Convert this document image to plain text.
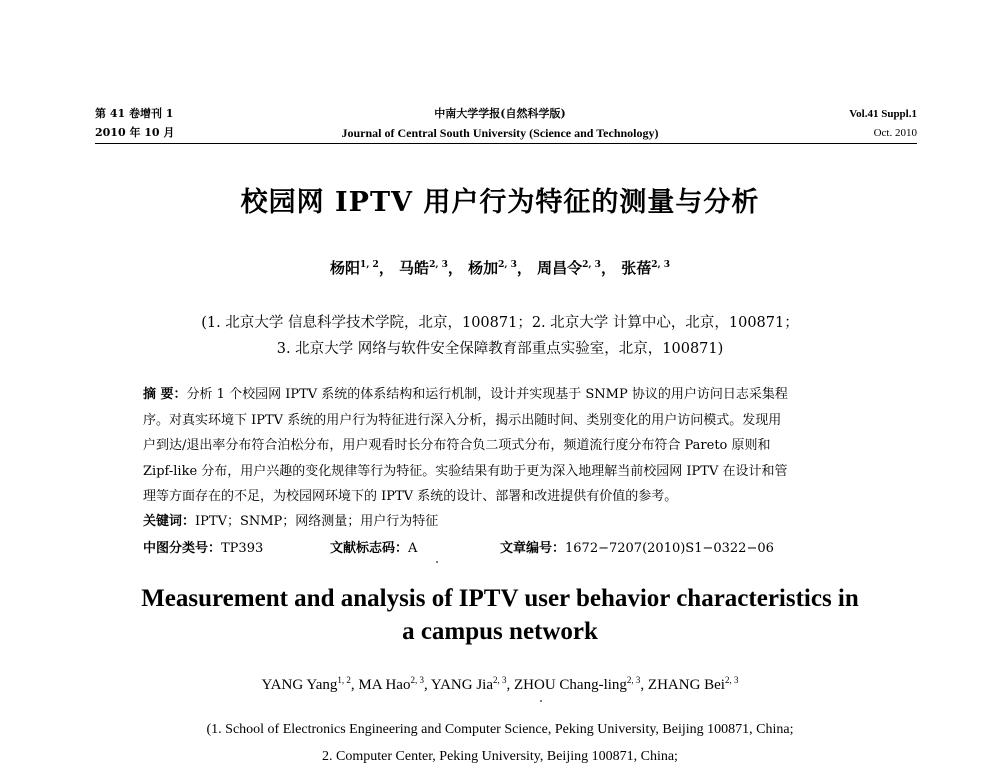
第 41 卷增刊 1
2010 年 10 月
中南大学学报(自然科学版)
Journal of Central South University (Science and Technology)
Vol.41 Suppl.1
Oct. 2010
校园网 IPTV 用户行为特征的测量与分析
杨阳$^{1, 2}$， 马皓$^{2, 3}$， 杨加$^{2, 3}$， 周昌令$^{2, 3}$， 张蓓$^{2, 3}$
(1. 北京大学 信息科学技术学院，北京，100871；2. 北京大学 计算中心，北京，100871；
3. 北京大学 网络与软件安全保障教育部重点实验室，北京，100871)
摘 要：分析 1 个校园网 IPTV 系统的体系结构和运行机制，设计并实现基于 SNMP 协议的用户访问日志采集程
序。对真实环境下 IPTV 系统的用户行为特征进行深入分析，揭示出随时间、类别变化的用户访问模式。发现用
户到达/退出率分布符合泊松分布，用户观看时长分布符合负二项式分布，频道流行度分布符合 Pareto 原则和
Zipf-like 分布，用户兴趣的变化规律等行为特征。实验结果有助于更为深入地理解当前校园网 IPTV 在设计和管
理等方面存在的不足，为校园网环境下的 IPTV 系统的设计、部署和改进提供有价值的参考。
关键词：IPTV；SNMP；网络测量；用户行为特征
中图分类号：TP393	文献标志码：A	文章编号：1672−7207(2010)S1−0322−06
Measurement and analysis of IPTV user behavior characteristics in
a campus network
YANG Yang$^{1, 2}$, MA Hao$^{2, 3}$, YANG Jia$^{2, 3}$, ZHOU Chang-ling$^{2, 3}$, ZHANG Bei$^{2, 3}$
(1. School of Electronics Engineering and Computer Science, Peking University, Beijing 100871, China;
2. Computer Center, Peking University, Beijing 100871, China;
